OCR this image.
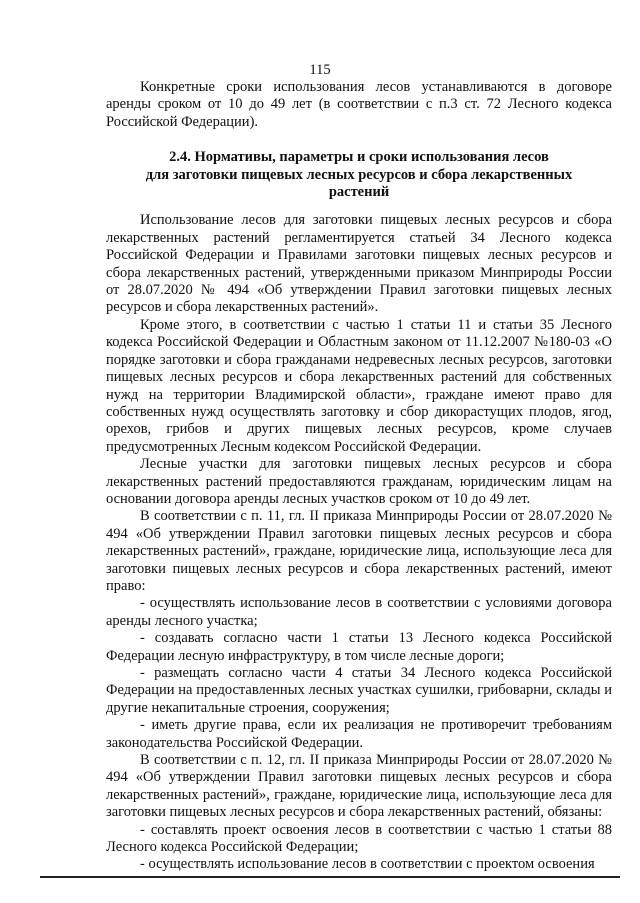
115

Конкретные сроки использования лесов устанавливаются в договоре аренды сроком от 10 до 49 лет (в соответствии с п.3 ст. 72 Лесного кодекса Российской Федерации).

2.4. Нормативы, параметры и сроки использования лесов
для заготовки пищевых лесных ресурсов и сбора лекарственных
растений

Использование лесов для заготовки пищевых лесных ресурсов и сбора лекарственных растений регламентируется статьей 34 Лесного кодекса Российской Федерации и Правилами заготовки пищевых лесных ресурсов и сбора лекарственных растений, утвержденными приказом Минприроды России от 28.07.2020 № 494 «Об утверждении Правил заготовки пищевых лесных ресурсов и сбора лекарственных растений».

Кроме этого, в соответствии с частью 1 статьи 11 и статьи 35 Лесного кодекса Российской Федерации и Областным законом от 11.12.2007 №180-03 «О порядке заготовки и сбора гражданами недревесных лесных ресурсов, заготовки пищевых лесных ресурсов и сбора лекарственных растений для собственных нужд на территории Владимирской области», граждане имеют право для собственных нужд осуществлять заготовку и сбор дикорастущих плодов, ягод, орехов, грибов и других пищевых лесных ресурсов, кроме случаев предусмотренных Лесным кодексом Российской Федерации.

Лесные участки для заготовки пищевых лесных ресурсов и сбора лекарственных растений предоставляются гражданам, юридическим лицам на основании договора аренды лесных участков сроком от 10 до 49 лет.

В соответствии с п. 11, гл. II приказа Минприроды России от 28.07.2020 № 494 «Об утверждении Правил заготовки пищевых лесных ресурсов и сбора лекарственных растений», граждане, юридические лица, использующие леса для заготовки пищевых лесных ресурсов и сбора лекарственных растений, имеют право:

- осуществлять использование лесов в соответствии с условиями договора аренды лесного участка;

- создавать согласно части 1 статьи 13 Лесного кодекса Российской Федерации лесную инфраструктуру, в том числе лесные дороги;

- размещать согласно части 4 статьи 34 Лесного кодекса Российской Федерации на предоставленных лесных участках сушилки, грибоварни, склады и другие некапитальные строения, сооружения;

- иметь другие права, если их реализация не противоречит требованиям законодательства Российской Федерации.

В соответствии с п. 12, гл. II приказа Минприроды России от 28.07.2020 № 494 «Об утверждении Правил заготовки пищевых лесных ресурсов и сбора лекарственных растений», граждане, юридические лица, использующие леса для заготовки пищевых лесных ресурсов и сбора лекарственных растений, обязаны:

- составлять проект освоения лесов в соответствии с частью 1 статьи 88 Лесного кодекса Российской Федерации;

- осуществлять использование лесов в соответствии с проектом освоения
